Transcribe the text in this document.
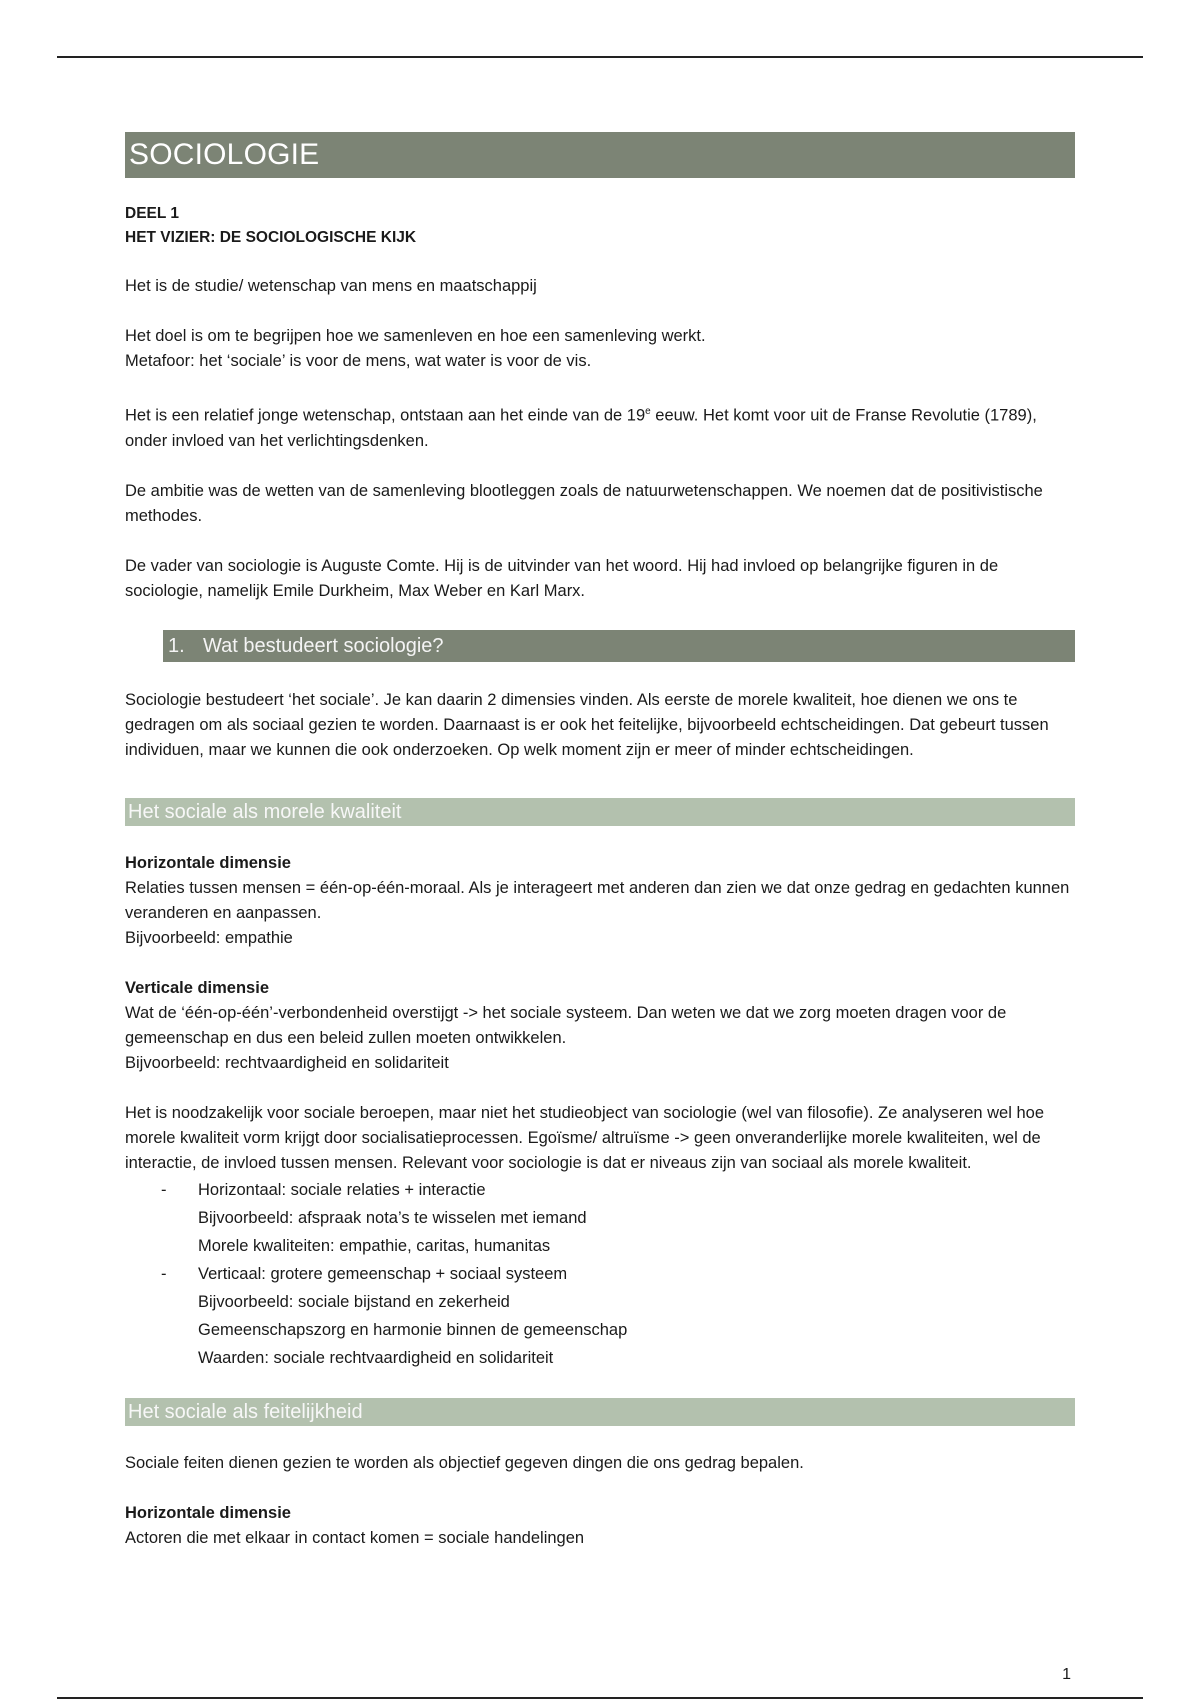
SOCIOLOGIE
DEEL 1
HET VIZIER: DE SOCIOLOGISCHE KIJK

Het is de studie/ wetenschap van mens en maatschappij

Het doel is om te begrijpen hoe we samenleven en hoe een samenleving werkt.

Metafoor: het ‘sociale’ is voor de mens, wat water is voor de vis.

Het is een relatief jonge wetenschap, ontstaan aan het einde van de 19e eeuw. Het komt voor uit de Franse Revolutie (1789), onder invloed van het verlichtingsdenken.

De ambitie was de wetten van de samenleving blootleggen zoals de natuurwetenschappen. We noemen dat de positivistische methodes.

De vader van sociologie is Auguste Comte. Hij is de uitvinder van het woord. Hij had invloed op belangrijke figuren in de sociologie, namelijk Emile Durkheim, Max Weber en Karl Marx.

1. Wat bestudeert sociologie?

Sociologie bestudeert ‘het sociale’. Je kan daarin 2 dimensies vinden. Als eerste de morele kwaliteit, hoe dienen we ons te gedragen om als sociaal gezien te worden. Daarnaast is er ook het feitelijke, bijvoorbeeld echtscheidingen. Dat gebeurt tussen individuen, maar we kunnen die ook onderzoeken. Op welk moment zijn er meer of minder echtscheidingen.

Het sociale als morele kwaliteit

Horizontale dimensie

Relaties tussen mensen = één-op-één-moraal. Als je interageert met anderen dan zien we dat onze gedrag en gedachten kunnen veranderen en aanpassen.

Bijvoorbeeld: empathie

Verticale dimensie

Wat de ‘één-op-één’-verbondenheid overstijgt -> het sociale systeem. Dan weten we dat we zorg moeten dragen voor de gemeenschap en dus een beleid zullen moeten ontwikkelen.

Bijvoorbeeld: rechtvaardigheid en solidariteit

Het is noodzakelijk voor sociale beroepen, maar niet het studieobject van sociologie (wel van filosofie). Ze analyseren wel hoe morele kwaliteit vorm krijgt door socialisatieprocessen. Egoïsme/ altruïsme -> geen onveranderlijke morele kwaliteiten, wel de interactie, de invloed tussen mensen. Relevant voor sociologie is dat er niveaus zijn van sociaal als morele kwaliteit.

- Horizontaal: sociale relaties + interactie
Bijvoorbeeld: afspraak nota’s te wisselen met iemand
Morele kwaliteiten: empathie, caritas, humanitas
- Verticaal: grotere gemeenschap + sociaal systeem
Bijvoorbeeld: sociale bijstand en zekerheid
Gemeenschapszorg en harmonie binnen de gemeenschap
Waarden: sociale rechtvaardigheid en solidariteit
Het sociale als feitelijkheid

Sociale feiten dienen gezien te worden als objectief gegeven dingen die ons gedrag bepalen.

Horizontale dimensie

Actoren die met elkaar in contact komen = sociale handelingen

1
